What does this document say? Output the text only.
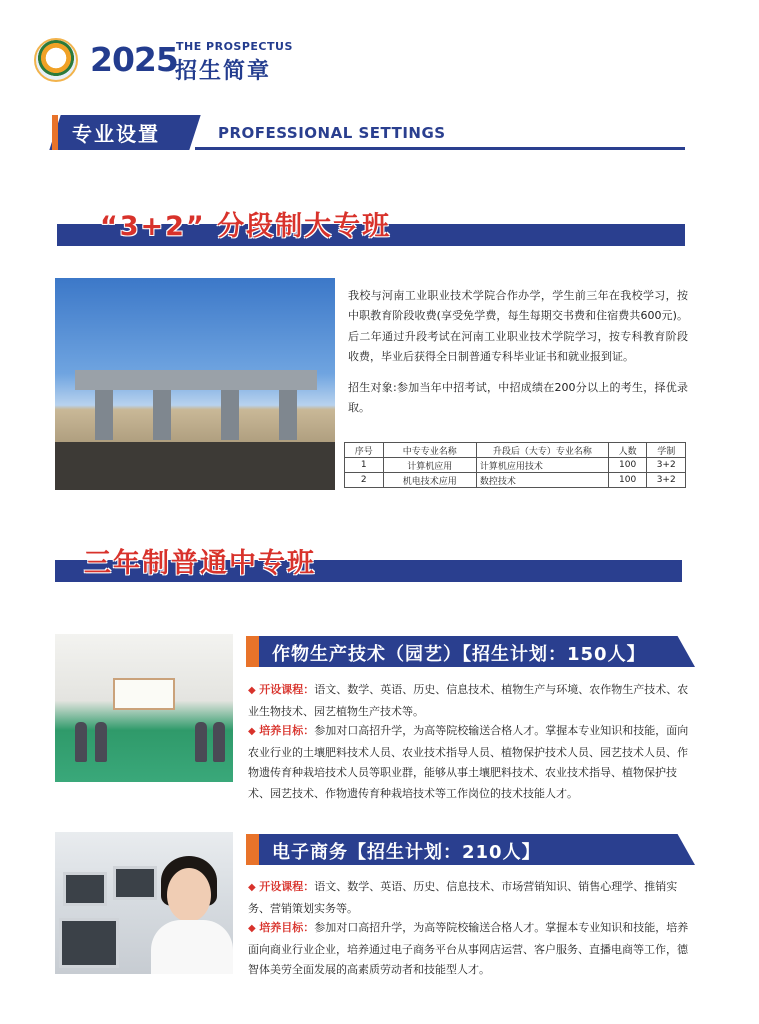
2025
THE PROSPECTUS
招生简章
专业设置	PROFESSIONAL SETTINGS
“3+2” 分段制大专班
我校与河南工业职业技术学院合作办学，学生前三年在我校学习，按中职教育阶段收费(享受免学费，每生每期交书费和住宿费共600元)。后二年通过升段考试在河南工业职业技术学院学习，按专科教育阶段收费，毕业后获得全日制普通专科毕业证书和就业报到证。
招生对象:参加当年中招考试，中招成绩在200分以上的考生，择优录取。
序号	中专专业名称	升段后（大专）专业名称	人数	学制
1	计算机应用	计算机应用技术	100	3+2
2	机电技术应用	数控技术	100	3+2
三年制普通中专班
作物生产技术（园艺）【招生计划：150人】
◆ 开设课程：语文、数学、英语、历史、信息技术、植物生产与环境、农作物生产技术、农业生物技术、园艺植物生产技术等。
◆ 培养目标：参加对口高招升学，为高等院校输送合格人才。掌握本专业知识和技能，面向农业行业的土壤肥料技术人员、农业技术指导人员、植物保护技术人员、园艺技术人员、作物遗传育种栽培技术人员等职业群，能够从事土壤肥料技术、农业技术指导、植物保护技术、园艺技术、作物遗传育种栽培技术等工作岗位的技术技能人才。
电子商务【招生计划：210人】
◆ 开设课程：语文、数学、英语、历史、信息技术、市场营销知识、销售心理学、推销实务、营销策划实务等。
◆ 培养目标：参加对口高招升学，为高等院校输送合格人才。掌握本专业知识和技能，培养面向商业行业企业，培养通过电子商务平台从事网店运营、客户服务、直播电商等工作，德智体美劳全面发展的高素质劳动者和技能型人才。
